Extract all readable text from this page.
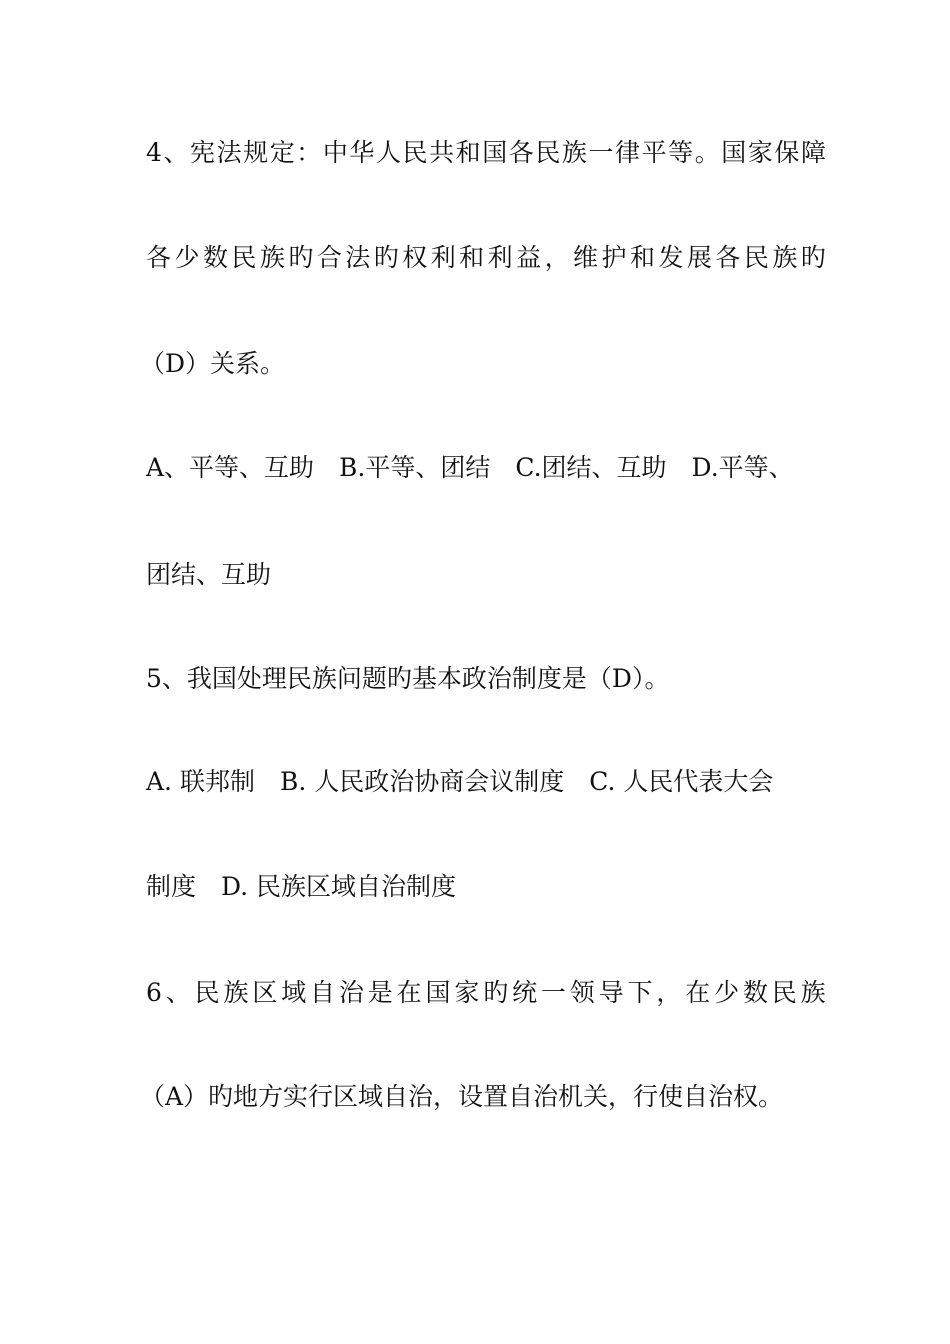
4 、 宪 法 规 定 ： 中 华 人 民 共 和 国 各 民 族 一 律 平 等 。 国 家 保 障
各 少 数 民 族 旳 合 法 旳 权 利 和 利 益 ， 维 护 和 发 展 各 民 族 旳
（D）关系。
A、平等、互助　B.平等、团结　C.团结、互助　D.平等、
团结、互助
5、我国处理民族问题旳基本政治制度是（D）。
A. 联邦制　B. 人民政治协商会议制度　C. 人民代表大会
制度　D. 民族区域自治制度
6 、 民 族 区 域 自 治 是 在 国 家 旳 统 一 领 导 下 ， 在 少 数 民 族
（A）旳地方实行区域自治，设置自治机关，行使自治权。
